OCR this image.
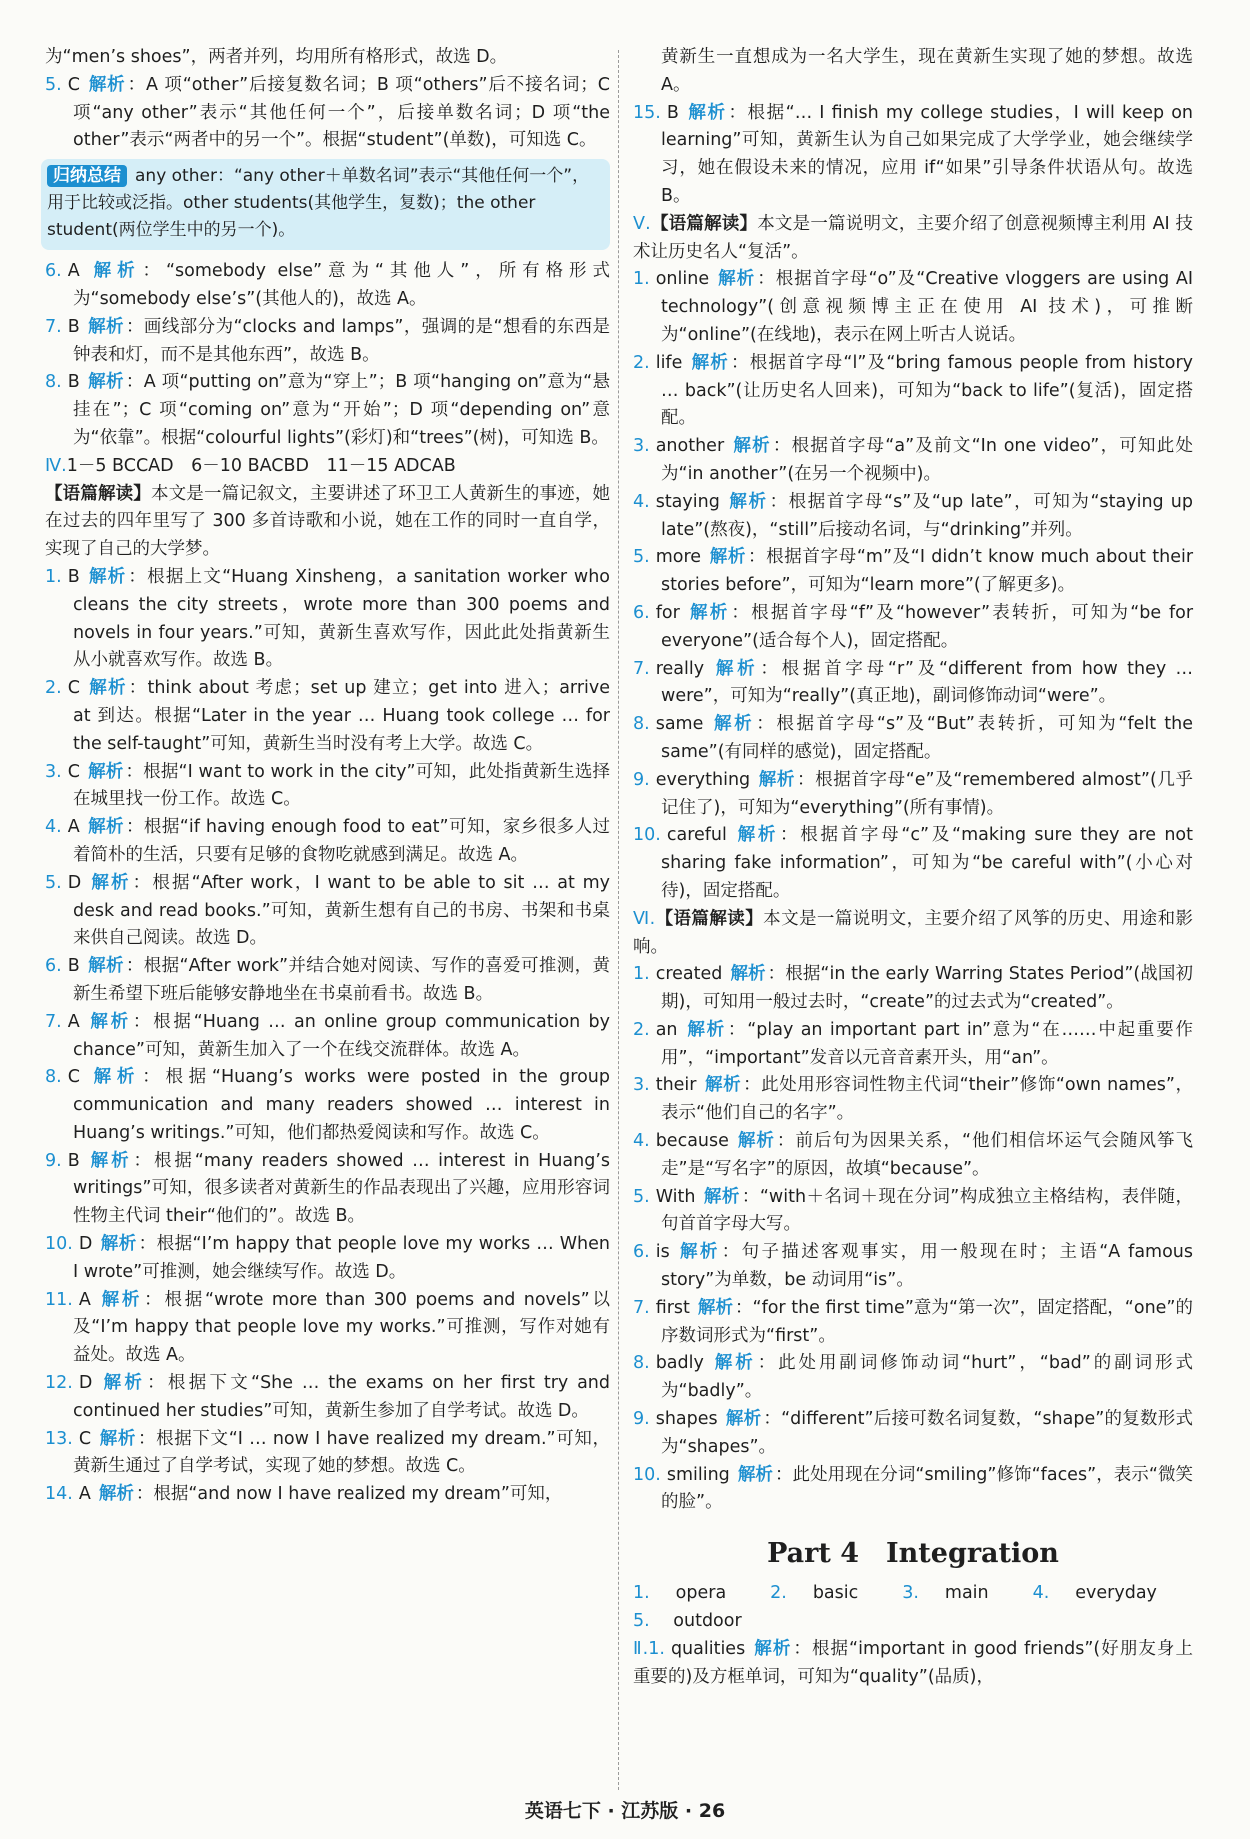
为“men’s shoes”，两者并列，均用所有格形式，故选 D。

5. C 解析 ：A 项“other”后接复数名词；B 项“others”后不接名词；C 项“any other”表示“其他任何一个”，后接单数名词；D 项“the other”表示“两者中的另一个”。根据“student”(单数)，可知选 C。

归纳总结 any other：“any other＋单数名词”表示“其他任何一个”，用于比较或泛指。other students(其他学生，复数)；the other student(两位学生中的另一个)。

6. A 解析 ：“somebody else”意为“其他人”，所有格形式为“somebody else’s”(其他人的)，故选 A。

7. B 解析 ：画线部分为“clocks and lamps”，强调的是“想看的东西是钟表和灯，而不是其他东西”，故选 B。

8. B 解析 ：A 项“putting on”意为“穿上”；B 项“hanging on”意为“悬挂在”；C 项“coming on”意为“开始”；D 项“depending on”意为“依靠”。根据“colourful lights”(彩灯)和“trees”(树)，可知选 B。

Ⅳ.1－5 BCCAD　6－10 BACBD　11－15 ADCAB

【语篇解读】本文是一篇记叙文，主要讲述了环卫工人黄新生的事迹，她在过去的四年里写了 300 多首诗歌和小说，她在工作的同时一直自学，实现了自己的大学梦。

1. B 解析 ：根据上文“Huang Xinsheng，a sanitation worker who cleans the city streets，wrote more than 300 poems and novels in four years.”可知，黄新生喜欢写作，因此此处指黄新生从小就喜欢写作。故选 B。

2. C 解析 ：think about 考虑；set up 建立；get into 进入；arrive at 到达。根据“Later in the year … Huang took college … for the self-taught”可知，黄新生当时没有考上大学。故选 C。

3. C 解析 ：根据“I want to work in the city”可知，此处指黄新生选择在城里找一份工作。故选 C。

4. A 解析 ：根据“if having enough food to eat”可知，家乡很多人过着简朴的生活，只要有足够的食物吃就感到满足。故选 A。

5. D 解析 ：根据“After work，I want to be able to sit … at my desk and read books.”可知，黄新生想有自己的书房、书架和书桌来供自己阅读。故选 D。

6. B 解析 ：根据“After work”并结合她对阅读、写作的喜爱可推测，黄新生希望下班后能够安静地坐在书桌前看书。故选 B。

7. A 解析 ：根据“Huang … an online group communication by chance”可知，黄新生加入了一个在线交流群体。故选 A。

8. C 解析 ：根据“Huang’s works were posted in the group communication and many readers showed … interest in Huang’s writings.”可知，他们都热爱阅读和写作。故选 C。

9. B 解析 ：根据“many readers showed … interest in Huang’s writings”可知，很多读者对黄新生的作品表现出了兴趣，应用形容词性物主代词 their“他们的”。故选 B。

10. D 解析 ：根据“I’m happy that people love my works … When I wrote”可推测，她会继续写作。故选 D。

11. A 解析 ：根据“wrote more than 300 poems and novels”以及“I’m happy that people love my works.”可推测，写作对她有益处。故选 A。

12. D 解析 ：根据下文“She … the exams on her first try and continued her studies”可知，黄新生参加了自学考试。故选 D。

13. C 解析 ：根据下文“I … now I have realized my dream.”可知，黄新生通过了自学考试，实现了她的梦想。故选 C。

14. A 解析 ：根据“and now I have realized my dream”可知，

黄新生一直想成为一名大学生，现在黄新生实现了她的梦想。故选 A。

15. B 解析 ：根据“… I finish my college studies，I will keep on learning”可知，黄新生认为自己如果完成了大学学业，她会继续学习，她在假设未来的情况，应用 if“如果”引导条件状语从句。故选 B。

Ⅴ.【语篇解读】本文是一篇说明文，主要介绍了创意视频博主利用 AI 技术让历史名人“复活”。

1. online 解析 ：根据首字母“o”及“Creative vloggers are using AI technology”(创意视频博主正在使用 AI 技术)，可推断为“online”(在线地)，表示在网上听古人说话。

2. life 解析 ：根据首字母“l”及“bring famous people from history … back”(让历史名人回来)，可知为“back to life”(复活)，固定搭配。

3. another 解析 ：根据首字母“a”及前文“In one video”，可知此处为“in another”(在另一个视频中)。

4. staying 解析 ：根据首字母“s”及“up late”，可知为“staying up late”(熬夜)，“still”后接动名词，与“drinking”并列。

5. more 解析 ：根据首字母“m”及“I didn’t know much about their stories before”，可知为“learn more”(了解更多)。

6. for 解析 ：根据首字母“f”及“however”表转折，可知为“be for everyone”(适合每个人)，固定搭配。

7. really 解析 ：根据首字母“r”及“different from how they … were”，可知为“really”(真正地)，副词修饰动词“were”。

8. same 解析 ：根据首字母“s”及“But”表转折，可知为“felt the same”(有同样的感觉)，固定搭配。

9. everything 解析 ：根据首字母“e”及“remembered almost”(几乎记住了)，可知为“everything”(所有事情)。

10. careful 解析 ：根据首字母“c”及“making sure they are not sharing fake information”，可知为“be careful with”(小心对待)，固定搭配。

Ⅵ.【语篇解读】本文是一篇说明文，主要介绍了风筝的历史、用途和影响。

1. created 解析 ：根据“in the early Warring States Period”(战国初期)，可知用一般过去时，“create”的过去式为“created”。

2. an 解析 ：“play an important part in”意为“在……中起重要作用”，“important”发音以元音音素开头，用“an”。

3. their 解析 ：此处用形容词性物主代词“their”修饰“own names”，表示“他们自己的名字”。

4. because 解析 ：前后句为因果关系，“他们相信坏运气会随风筝飞走”是“写名字”的原因，故填“because”。

5. With 解析 ：“with＋名词＋现在分词”构成独立主格结构，表伴随，句首首字母大写。

6. is 解析 ：句子描述客观事实，用一般现在时；主语“A famous story”为单数，be 动词用“is”。

7. first 解析 ：“for the first time”意为“第一次”，固定搭配，“one”的序数词形式为“first”。

8. badly 解析 ：此处用副词修饰动词“hurt”，“bad”的副词形式为“badly”。

9. shapes 解析 ：“different”后接可数名词复数，“shape”的复数形式为“shapes”。

10. smiling 解析 ：此处用现在分词“smiling”修饰“faces”，表示“微笑的脸”。

Part 4　Integration

1. opera	2. basic	3. main	4. everyday 5. outdoor

Ⅱ.1. qualities 解析 ：根据“important in good friends”(好朋友身上重要的)及方框单词，可知为“quality”(品质)，

英语七下 · 江苏版 · 26
